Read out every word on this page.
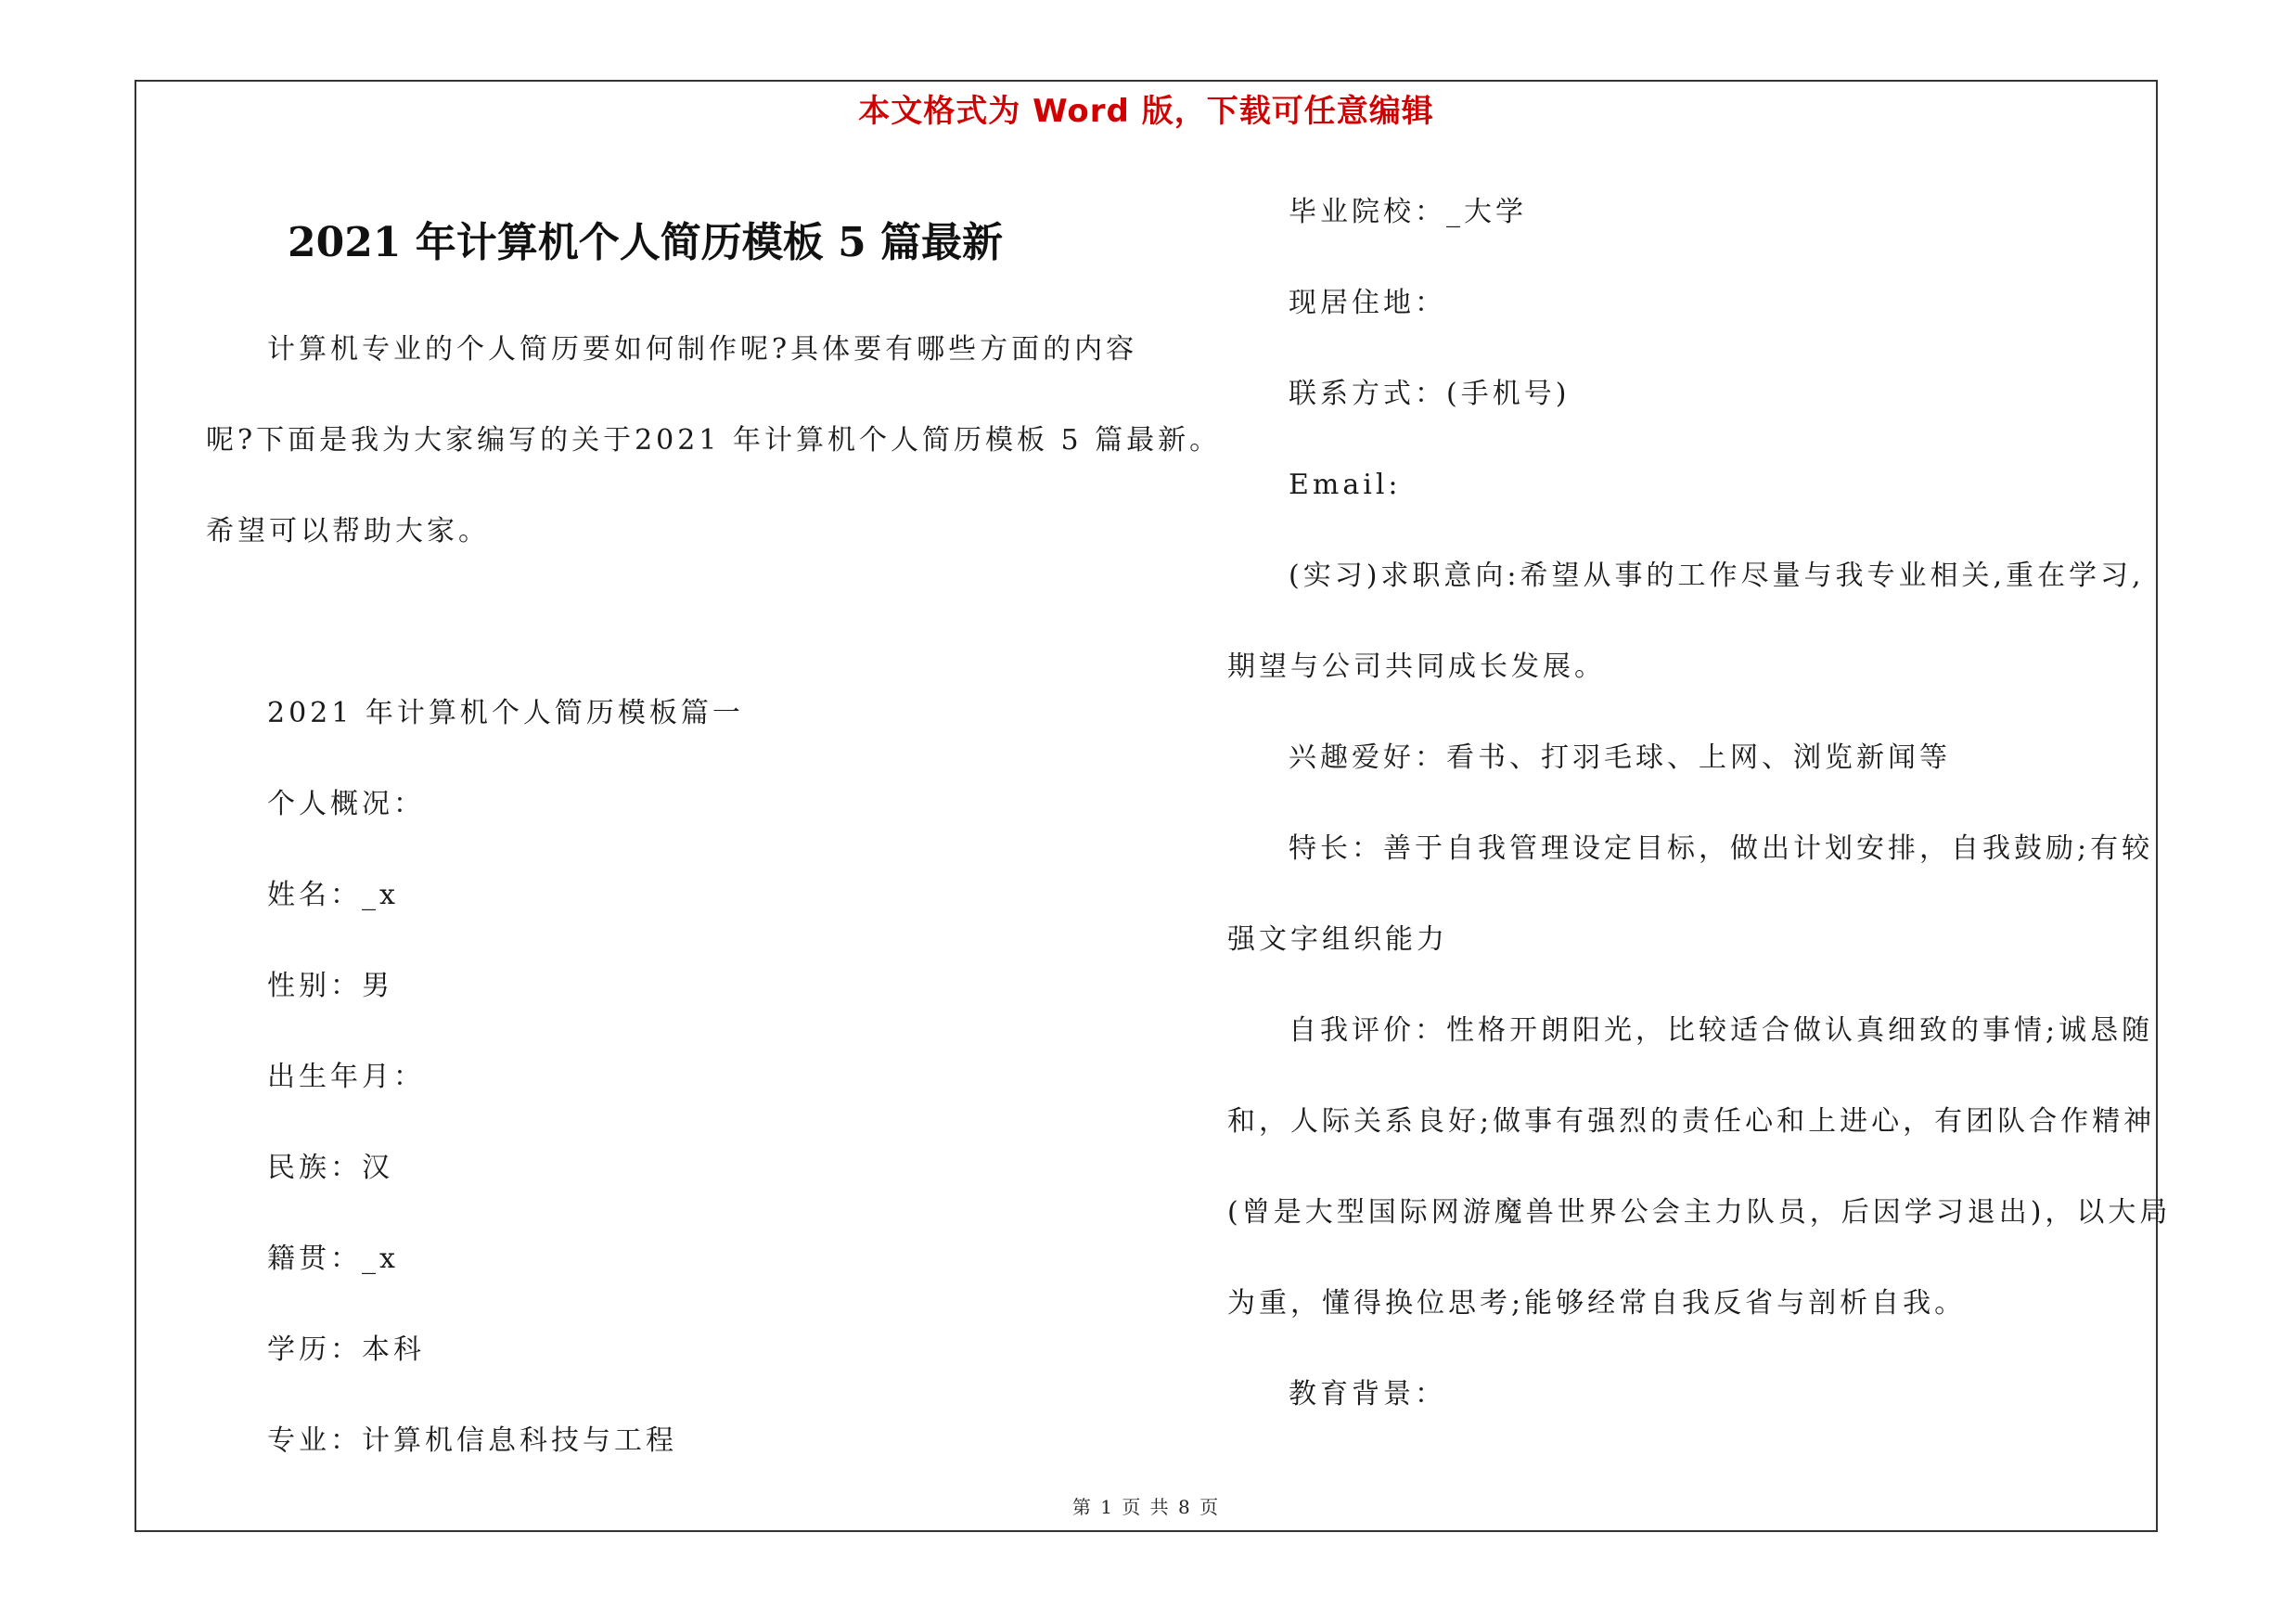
本文格式为 Word 版，下载可任意编辑
2021 年计算机个人简历模板 5 篇最新
计算机专业的个人简历要如何制作呢?具体要有哪些方面的内容
呢?下面是我为大家编写的关于2021 年计算机个人简历模板 5 篇最新。
希望可以帮助大家。
2021 年计算机个人简历模板篇一
个人概况：
姓名：_x
性别：男
出生年月：
民族：汉
籍贯：_x
学历：本科
专业：计算机信息科技与工程
毕业院校：_大学
现居住地：
联系方式：(手机号)
Email:
(实习)求职意向:希望从事的工作尽量与我专业相关,重在学习,
期望与公司共同成长发展。
兴趣爱好：看书、打羽毛球、上网、浏览新闻等
特长：善于自我管理设定目标，做出计划安排，自我鼓励;有较
强文字组织能力
自我评价：性格开朗阳光，比较适合做认真细致的事情;诚恳随
和，人际关系良好;做事有强烈的责任心和上进心，有团队合作精神
(曾是大型国际网游魔兽世界公会主力队员，后因学习退出)，以大局
为重，懂得换位思考;能够经常自我反省与剖析自我。
教育背景：
第 1 页 共 8 页
